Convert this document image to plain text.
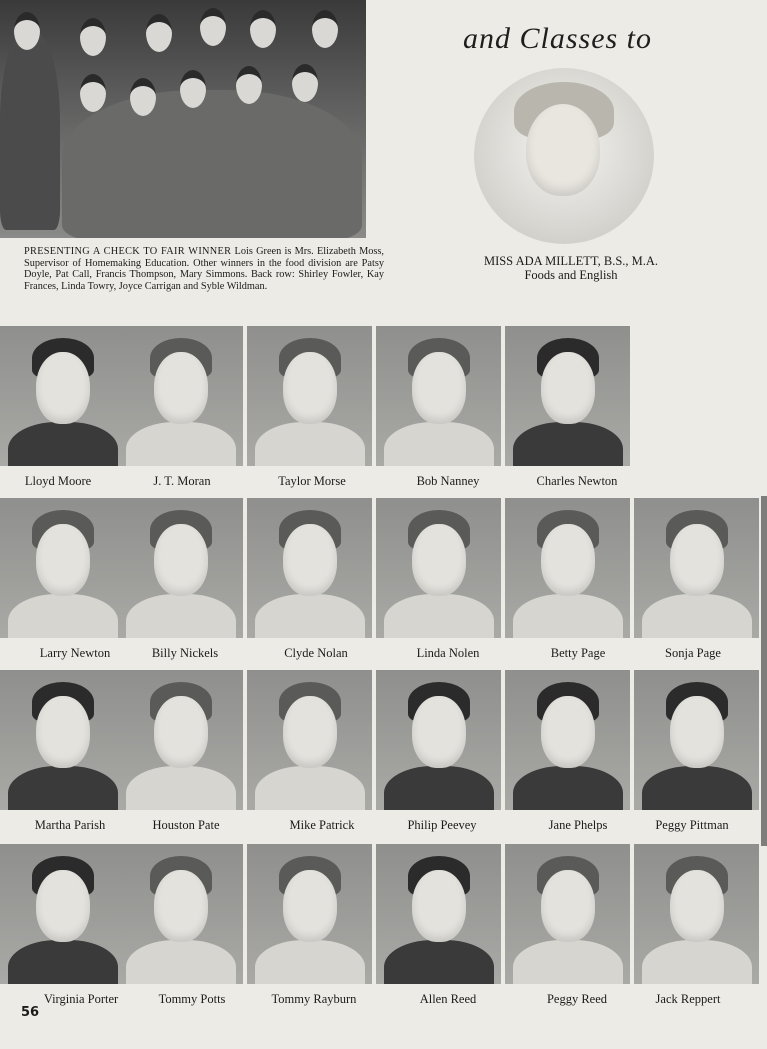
PRESENTING A CHECK TO FAIR WINNER Lois Green is Mrs. Elizabeth Moss, Supervisor of Homemaking Education. Other winners in the food division are Patsy Doyle, Pat Call, Francis Thompson, Mary Simmons. Back row: Shirley Fowler, Kay Frances, Linda Towry, Joyce Carrigan and Syble Wildman.
and Classes to
MISS ADA MILLETT, B.S., M.A.
Foods and English
Lloyd Moore	J. T. Moran	Taylor Morse	Bob Nanney	Charles Newton
Larry Newton	Billy Nickels	Clyde Nolan	Linda Nolen	Betty Page	Sonja Page
Martha Parish	Houston Pate	Mike Patrick	Philip Peevey	Jane Phelps	Peggy Pittman
Virginia Porter	Tommy Potts	Tommy Rayburn	Allen Reed	Peggy Reed	Jack Reppert
56
